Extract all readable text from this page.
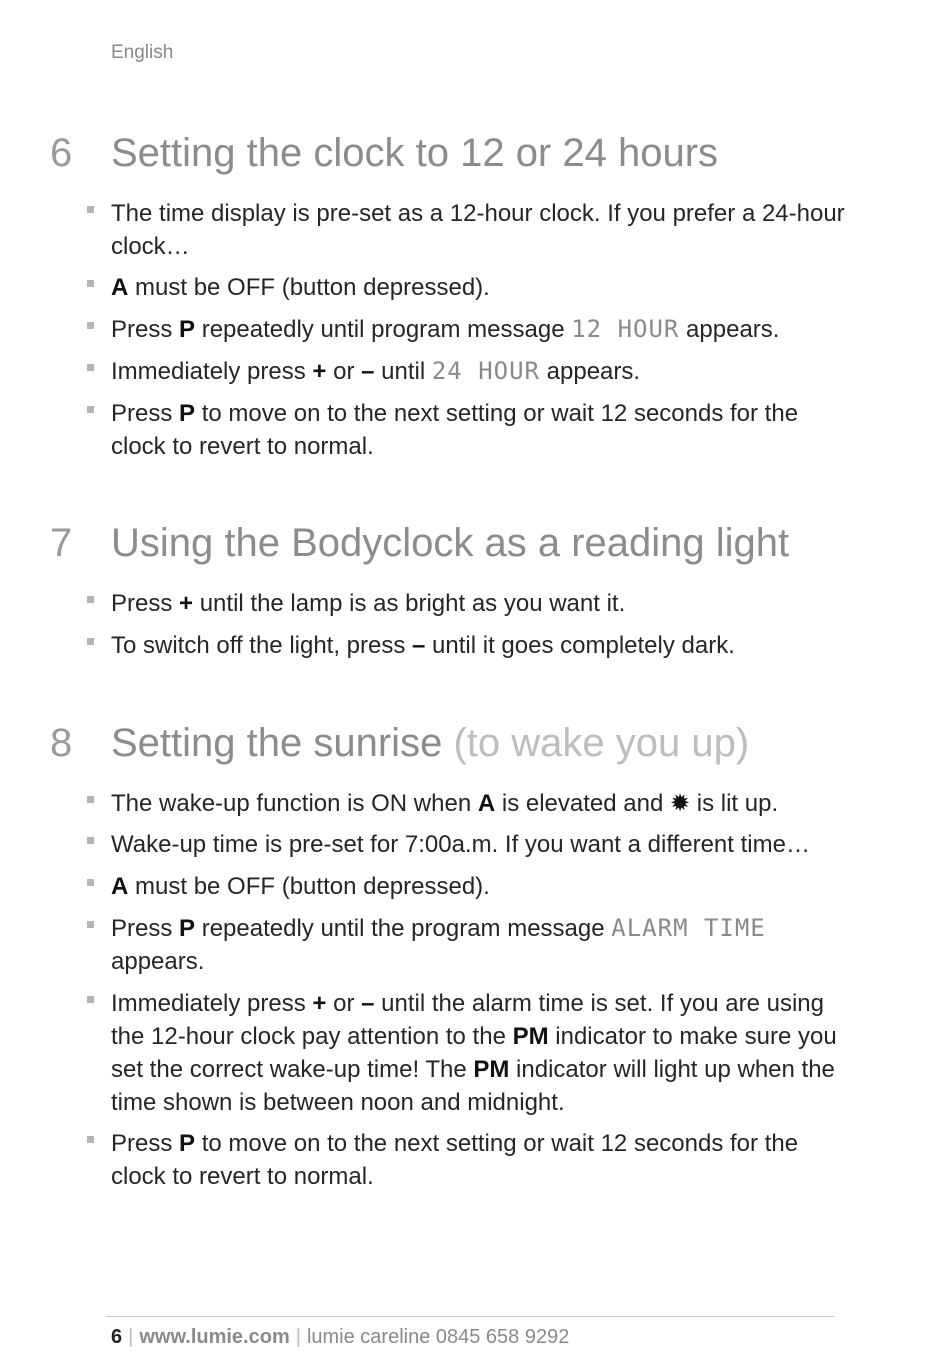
English
6 Setting the clock to 12 or 24 hours
The time display is pre-set as a 12-hour clock. If you prefer a 24-hour clock…
A must be OFF (button depressed).
Press P repeatedly until program message 12 HOUR appears.
Immediately press + or – until 24 HOUR appears.
Press P to move on to the next setting or wait 12 seconds for the clock to revert to normal.
7 Using the Bodyclock as a reading light
Press + until the lamp is as bright as you want it.
To switch off the light, press – until it goes completely dark.
8 Setting the sunrise (to wake you up)
The wake-up function is ON when A is elevated and ✹ is lit up.
Wake-up time is pre-set for 7:00a.m. If you want a different time…
A must be OFF (button depressed).
Press P repeatedly until the program message ALARM TIME appears.
Immediately press + or – until the alarm time is set. If you are using the 12-hour clock pay attention to the PM indicator to make sure you set the correct wake-up time! The PM indicator will light up when the time shown is between noon and midnight.
Press P to move on to the next setting or wait 12 seconds for the clock to revert to normal.
6 | www.lumie.com | lumie careline 0845 658 9292
